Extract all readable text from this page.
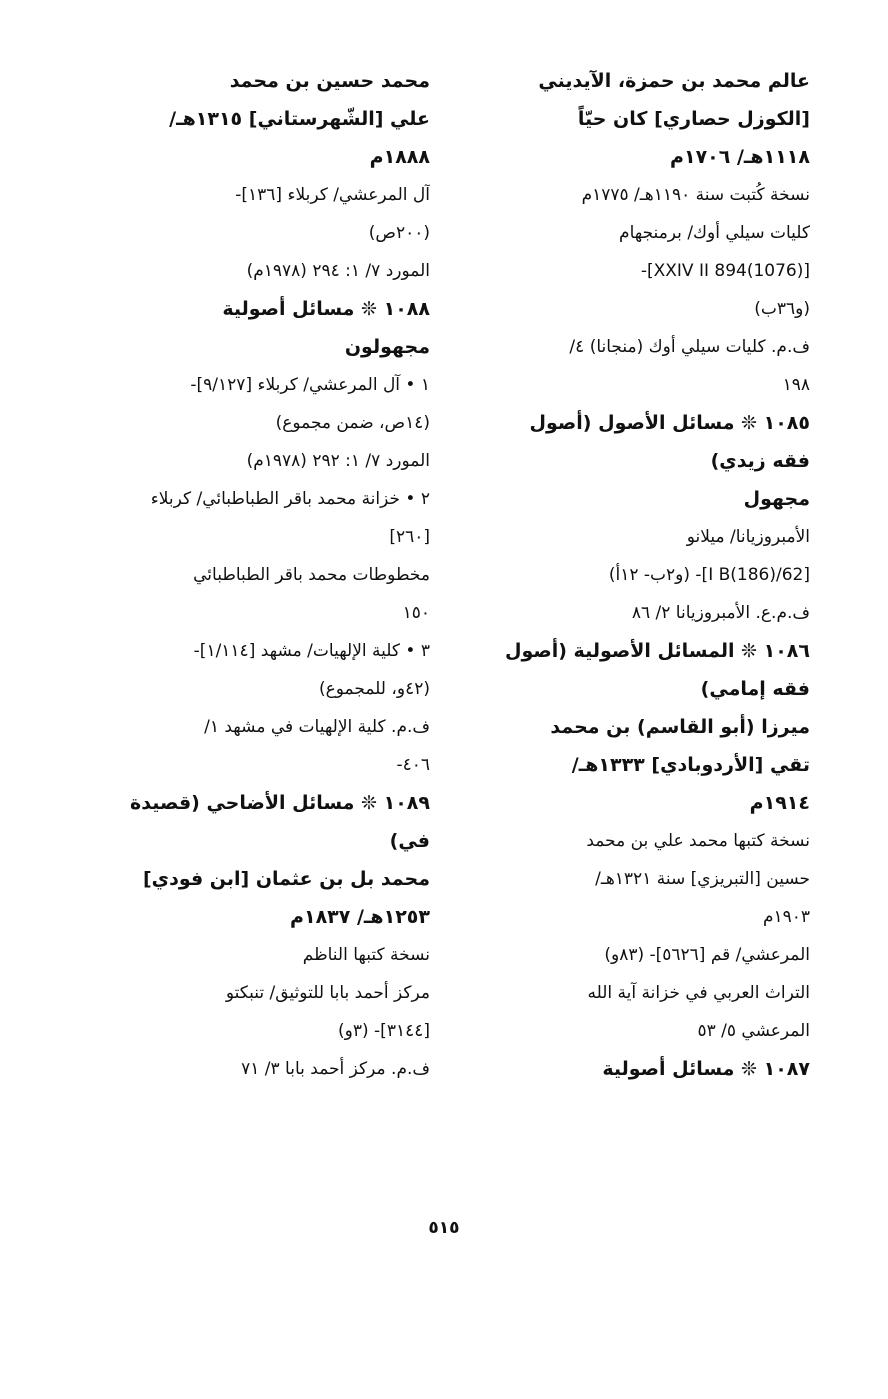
عالم محمد بن حمزة، الآيديني
[الكوزل حصاري] كان حيّاً
١١١٨هـ/ ١٧٠٦م
نسخة كُتبت سنة ١١٩٠هـ/ ١٧٧٥م
كليات سيلي أوك/ برمنجهام
[XXIV II 894(1076)]-
(و٣٦ب)
ف.م. كليات سيلي أوك (منجانا) ٤/
١٩٨
١٠٨٥ ❊ مسائل الأصول (أصول
فقه زيدي)
مجهول
الأمبروزيانا/ ميلانو
[62/I B(186)]- (و٢ب- ١٢أ)
ف.م.ع. الأمبروزيانا ٢/ ٨٦
١٠٨٦ ❊ المسائل الأصولية (أصول
فقه إمامي)
ميرزا (أبو القاسم) بن محمد
تقي [الأردوبادي] ١٣٣٣هـ/
١٩١٤م
نسخة كتبها محمد علي بن محمد
حسين [التبريزي] سنة ١٣٢١هـ/
١٩٠٣م
المرعشي/ قم [٥٦٢٦]- (٨٣و)
التراث العربي في خزانة آية الله
المرعشي ٥/ ٥٣
١٠٨٧ ❊ مسائل أصولية
محمد حسين بن محمد
علي [الشّهرستاني] ١٣١٥هـ/
١٨٨٨م
آل المرعشي/ كربلاء [١٣٦]-
(٢٠٠ص)
المورد ٧/ ١: ٢٩٤ (١٩٧٨م)
١٠٨٨ ❊ مسائل أصولية
مجهولون
١ • آل المرعشي/ كربلاء [٩/١٢٧]-
(١٤ص، ضمن مجموع)
المورد ٧/ ١: ٢٩٢ (١٩٧٨م)
٢ • خزانة محمد باقر الطباطبائي/ كربلاء
[٢٦٠]
مخطوطات محمد باقر الطباطبائي
١٥٠
٣ • كلية الإلهيات/ مشهد [١/١١٤]-
(٤٢و، للمجموع)
ف.م. كلية الإلهيات في مشهد ١/
٤٠٦-
١٠٨٩ ❊ مسائل الأضاحي (قصيدة
في)
محمد بل بن عثمان [ابن فودي]
١٢٥٣هـ/ ١٨٣٧م
نسخة كتبها الناظم
مركز أحمد بابا للتوثيق/ تنبكتو
[٣١٤٤]- (٣و)
ف.م. مركز أحمد بابا ٣/ ٧١
٥١٥
